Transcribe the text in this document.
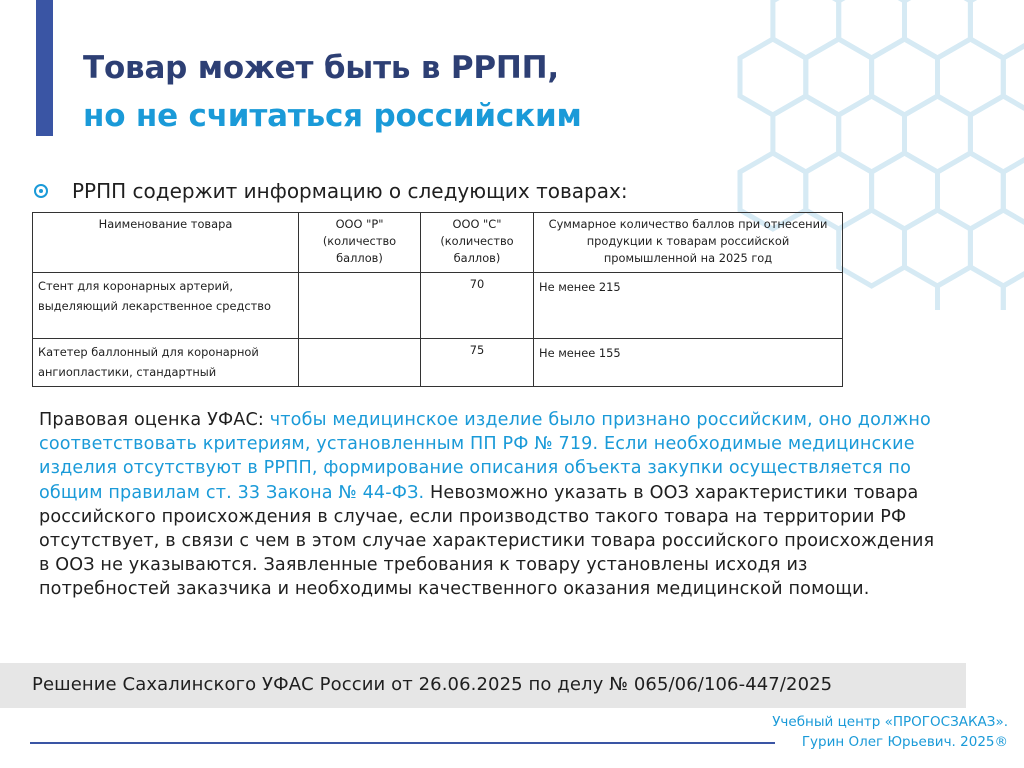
Товар может быть в РРПП,
но не считаться российским
РРПП содержит информацию о следующих товарах:
Наименование товара	ООО "Р" (количество баллов)	ООО "С" (количество баллов)	Суммарное количество баллов при отнесении продукции к товарам российской промышленной на 2025 год
Стент для коронарных артерий, выделяющий лекарственное средство		70	Не менее 215
Катетер баллонный для коронарной ангиопластики, стандартный		75	Не менее 155

Правовая оценка УФАС: чтобы медицинское изделие было признано российским, оно должно соответствовать критериям, установленным ПП РФ № 719. Если необходимые медицинские изделия отсутствуют в РРПП, формирование описания объекта закупки осуществляется по общим правилам ст. 33 Закона № 44-ФЗ. Невозможно указать в ООЗ характеристики товара российского происхождения в случае, если производство такого товара на территории РФ отсутствует, в связи с чем в этом случае характеристики товара российского происхождения в ООЗ не указываются. Заявленные требования к товару установлены исходя из потребностей заказчика и необходимы качественного оказания медицинской помощи.

Решение Сахалинского УФАС России от 26.06.2025 по делу № 065/06/106-447/2025
Учебный центр «ПРОГОСЗАКАЗ».
Гурин Олег Юрьевич. 2025®
